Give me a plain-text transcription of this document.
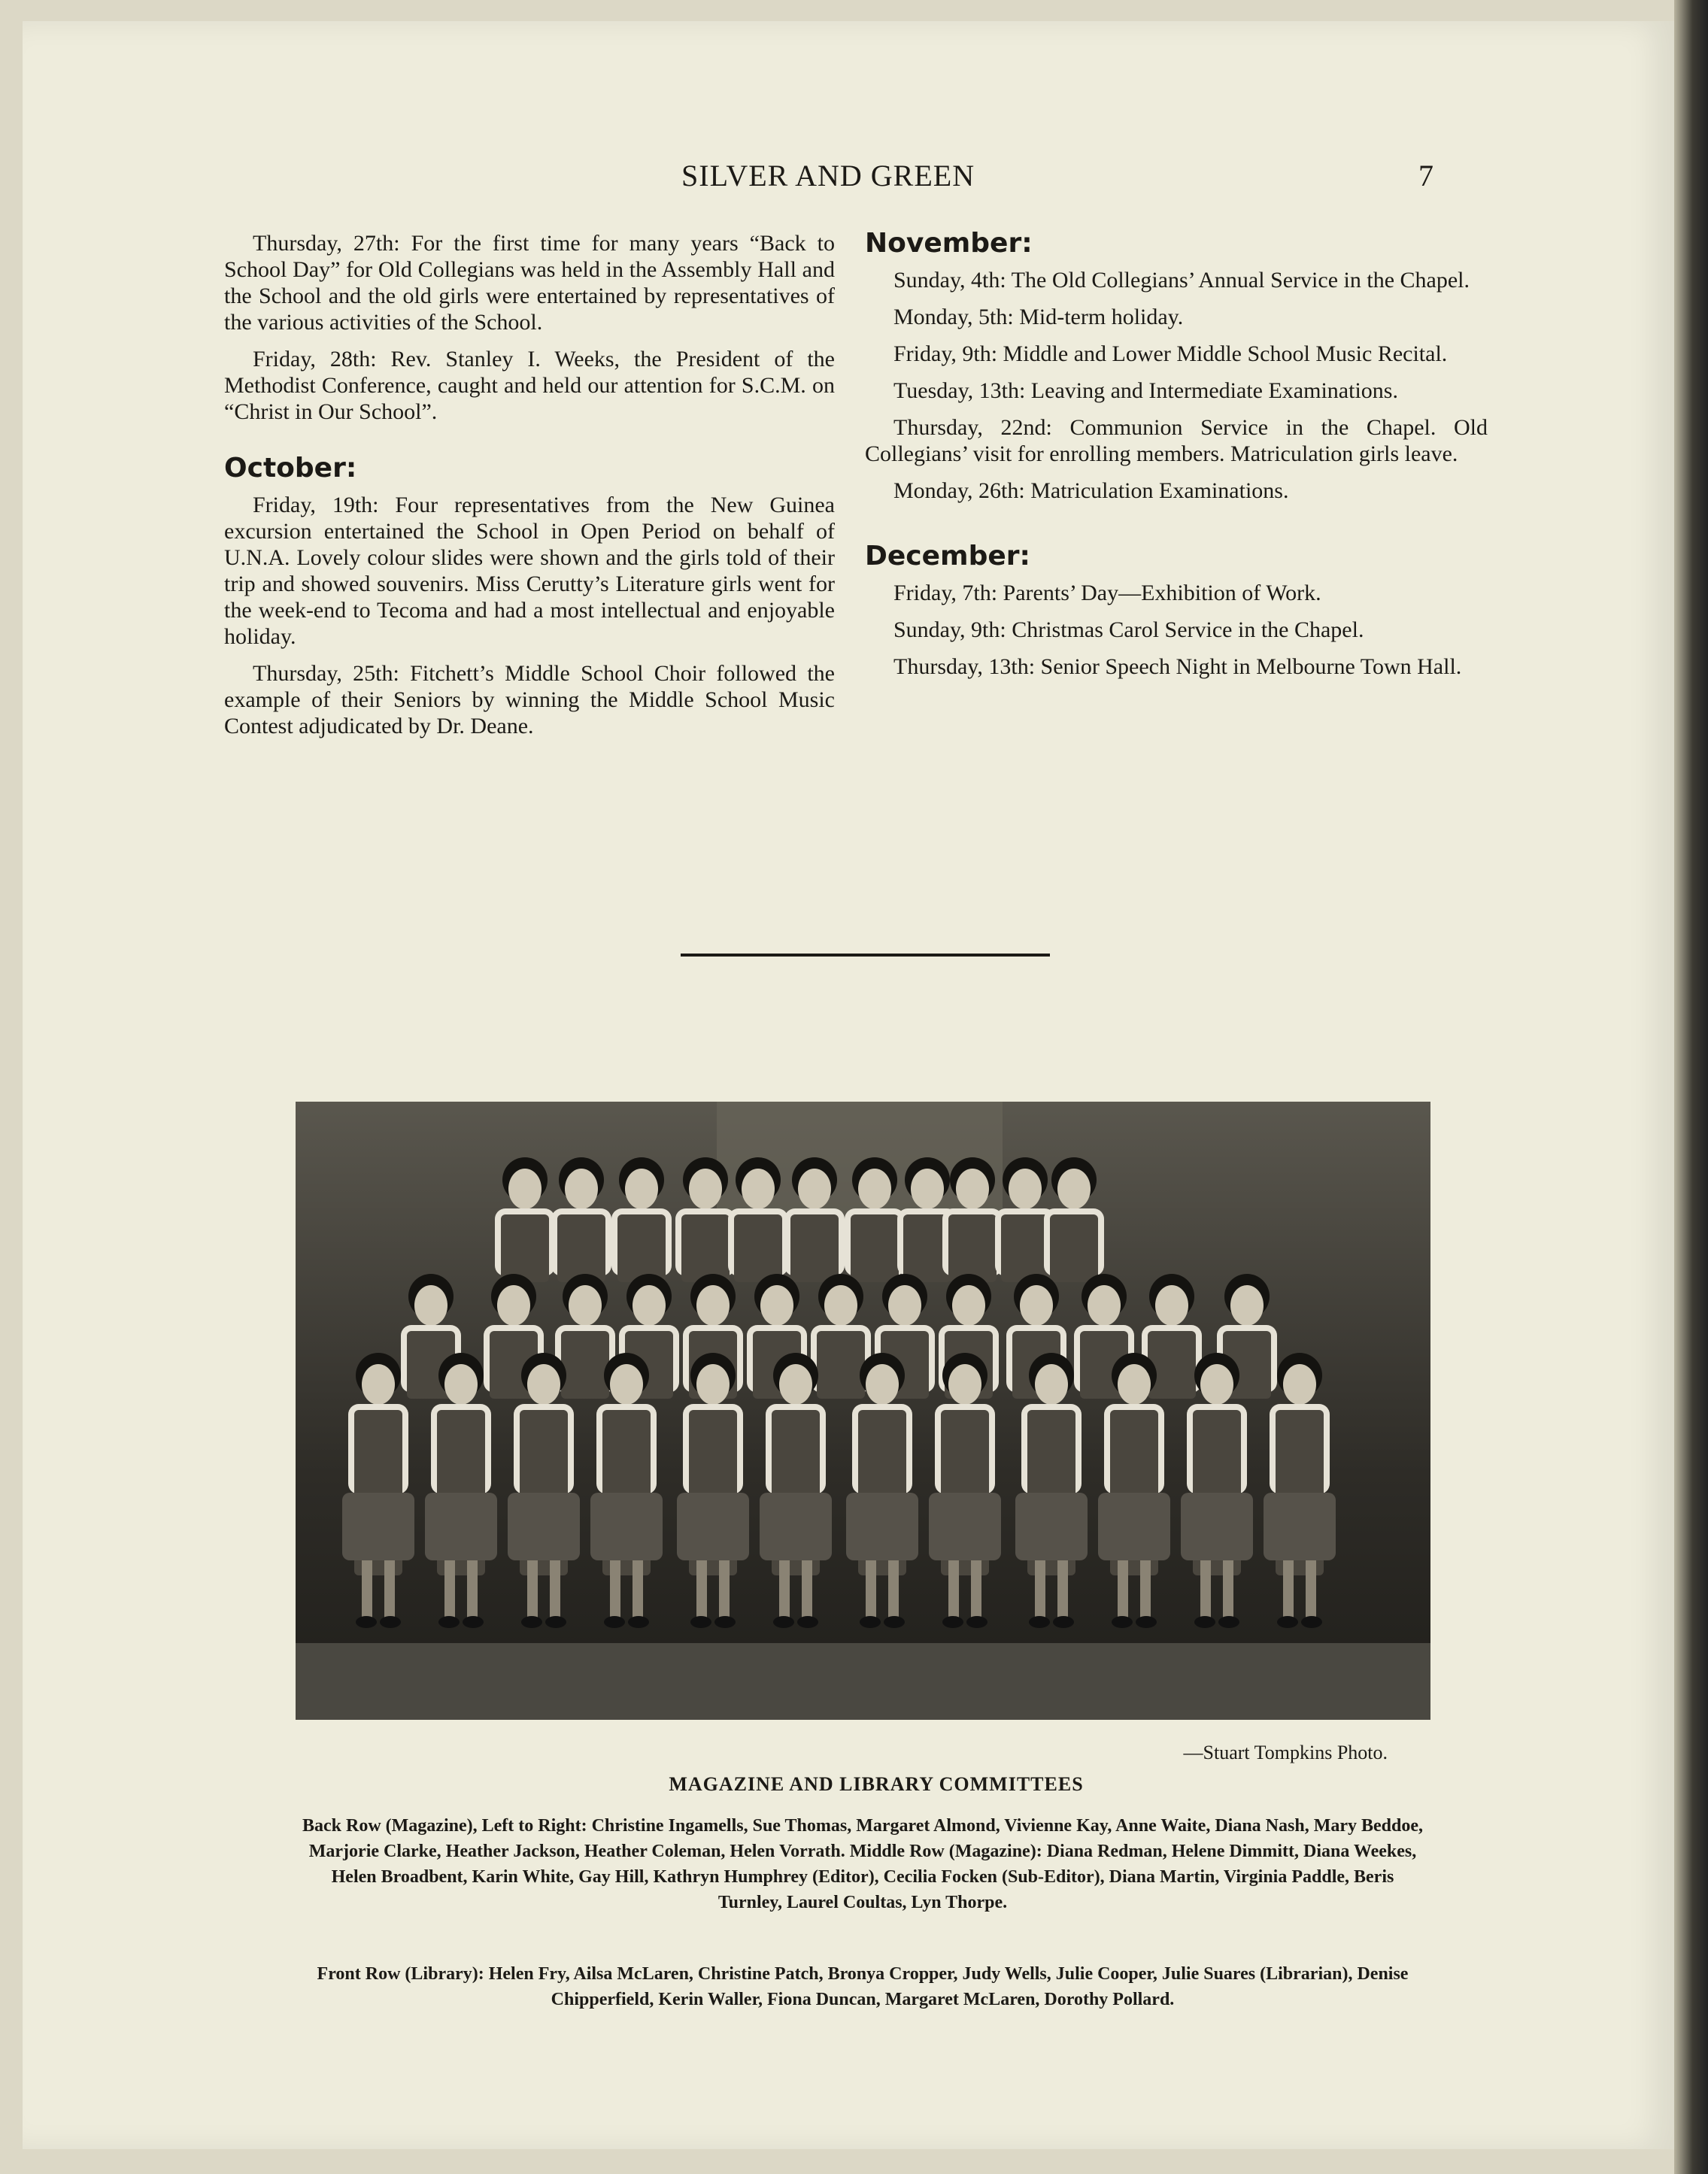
SILVER AND GREEN	7

Thursday, 27th: For the first time for many years “Back to School Day” for Old Collegians was held in the Assembly Hall and the School and the old girls were entertained by representatives of the various activities of the School.

Friday, 28th: Rev. Stanley I. Weeks, the President of the Methodist Conference, caught and held our attention for S.C.M. on “Christ in Our School”.

October:

Friday, 19th: Four representatives from the New Guinea excursion entertained the School in Open Period on behalf of U.N.A. Lovely colour slides were shown and the girls told of their trip and showed souvenirs. Miss Cerutty’s Literature girls went for the week-end to Tecoma and had a most intellectual and enjoyable holiday.

Thursday, 25th: Fitchett’s Middle School Choir followed the example of their Seniors by winning the Middle School Music Contest adjudicated by Dr. Deane.

November:

Sunday, 4th: The Old Collegians’ Annual Service in the Chapel.

Monday, 5th: Mid-term holiday.

Friday, 9th: Middle and Lower Middle School Music Recital.

Tuesday, 13th: Leaving and Intermediate Examinations.

Thursday, 22nd: Communion Service in the Chapel. Old Collegians’ visit for enrolling members. Matriculation girls leave.

Monday, 26th: Matriculation Examinations.

December:

Friday, 7th: Parents’ Day—Exhibition of Work.

Sunday, 9th: Christmas Carol Service in the Chapel.

Thursday, 13th: Senior Speech Night in Melbourne Town Hall.

—Stuart Tompkins Photo.
MAGAZINE AND LIBRARY COMMITTEES
Back Row (Magazine), Left to Right: Christine Ingamells, Sue Thomas, Margaret Almond, Vivienne Kay, Anne Waite, Diana Nash, Mary Beddoe, Marjorie Clarke, Heather Jackson, Heather Coleman, Helen Vorrath. Middle Row (Magazine): Diana Redman, Helene Dimmitt, Diana Weekes, Helen Broadbent, Karin White, Gay Hill, Kathryn Humphrey (Editor), Cecilia Focken (Sub-Editor), Diana Martin, Virginia Paddle, Beris Turnley, Laurel Coultas, Lyn Thorpe.
Front Row (Library): Helen Fry, Ailsa McLaren, Christine Patch, Bronya Cropper, Judy Wells, Julie Cooper, Julie Suares (Librarian), Denise Chipperfield, Kerin Waller, Fiona Duncan, Margaret McLaren, Dorothy Pollard.
